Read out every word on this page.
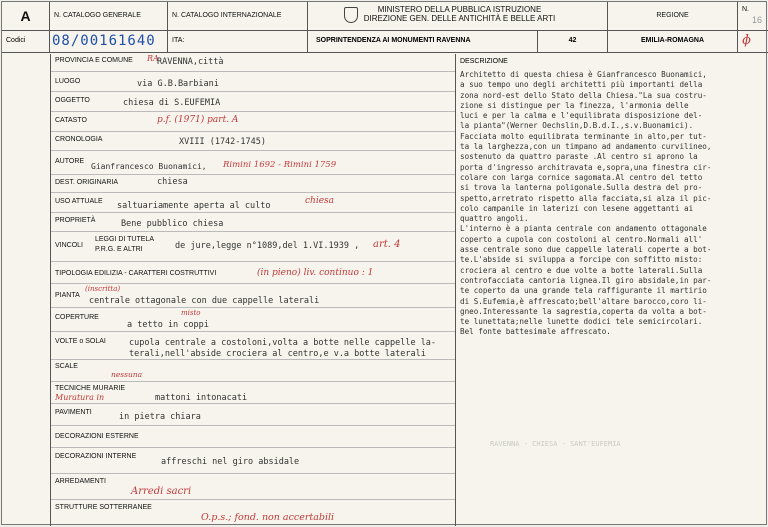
A	N. CATALOGO GENERALE	N. CATALOGO INTERNAZIONALE
MINISTERO DELLA PUBBLICA ISTRUZIONE
DIREZIONE GEN. DELLE ANTICHITÀ E BELLE ARTI	REGIONE
N.
16
Codici	08/00161640	ITA:	SOPRINTENDENZA AI MONUMENTI RAVENNA	42	EMILIA-ROMAGNA	ɸ
PROVINCIA E COMUNE RA
RAVENNA,città
LUOGO	via G.B.Barbiani
OGGETTO	chiesa di S.EUFEMIA
CATASTO	p.f. (1971) part. A
CRONOLOGIA	XVIII (1742-1745)
AUTORE
Gianfrancesco Buonamici, Rimini 1692 - Rimini 1759
DEST. ORIGINARIA	chiesa
USO ATTUALE saltuariamente aperta al culto	chiesa
PROPRIETÀ	Bene pubblico chiesa
VINCOLI
LEGGI DI TUTELA
P.R.G. E ALTRI	de jure,legge n°1089,del 1.VI.1939 , art. 4
TIPOLOGIA EDILIZIA - CARATTERI COSTRUTTIVI	(in pieno) liv. continuo : 1
PIANTA
(inscritta)
centrale ottagonale con due cappelle laterali
COPERTURE
misto
a tetto in coppi
VOLTE o SOLAI	cupola centrale a costoloni,volta a botte nelle cappelle la-
terali,nell'abside crociera al centro,e v.a botte laterali
SCALE
nessuna
TECNICHE MURARIE
Muratura in	mattoni intonacati
PAVIMENTI	in pietra chiara
DECORAZIONI ESTERNE
DECORAZIONI INTERNE
affreschi nel giro absidale
ARREDAMENTI
Arredi sacri
STRUTTURE SOTTERRANEE
O.p.s.; fond. non accertabili
DESCRIZIONE
Architetto di questa chiesa è Gianfrancesco Buonamici,
a suo tempo uno degli architetti più importanti della
zona nord-est dello Stato della Chiesa."La sua costru-
zione si distingue per la finezza, l'armonia delle
luci e per la calma e l'equilibrata disposizione del-
la pianta"(Werner Oechslin,D.B.d.I.,s.v.Buonamici).
Facciata molto equilibrata terminante in alto,per tut-
ta la larghezza,con un timpano ad andamento curvilineo,
sostenuto da quattro paraste .Al centro si aprono la
porta d'ingresso architravata e,sopra,una finestra cir-
colare con larga cornice sagomata.Al centro del tetto
si trova la lanterna poligonale.Sulla destra del pro-
spetto,arretrato rispetto alla facciata,si alza il pic-
colo campanile in laterizi con lesene aggettanti ai
quattro angoli.
L'interno è a pianta centrale con andamento ottagonale
coperto a cupola con costoloni al centro.Normali all'
asse centrale sono due cappelle laterali coperte a bot-
te.L'abside si sviluppa a forcipe con soffitto misto:
crociera al centro e due volte a botte laterali.Sulla
controfacciata cantoria lignea.Il giro absidale,in par-
te coperto da una grande tela raffigurante il martirio
di S.Eufemia,è affrescato;bell'altare barocco,coro li-
gneo.Interessante la sagrestia,coperta da volta a bot-
te lunettata;nelle lunette dodici tele semicircolari.
Bel fonte battesimale affrescato.
RAVENNA - CHIESA - SANT'EUFEMIA
